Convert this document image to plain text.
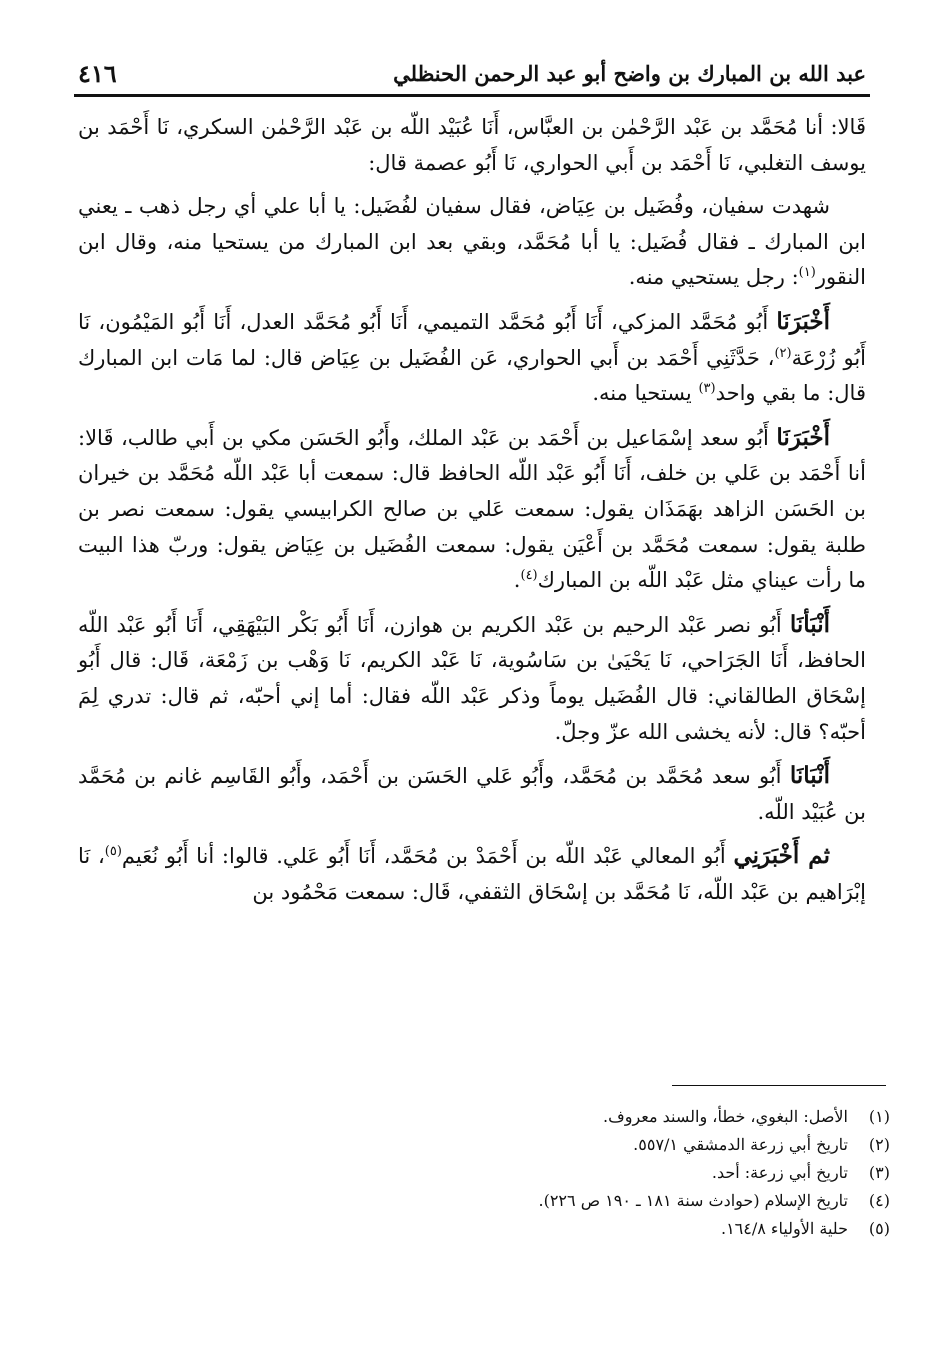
٤١٦	عبد الله بن المبارك بن واضح أبو عبد الرحمن الحنظلي

قَالا: أنا مُحَمَّد بن عَبْد الرَّحْمٰن بن العبَّاس، أَنَا عُبَيْد اللّه بن عَبْد الرَّحْمٰن السكري، نَا أَحْمَد بن يوسف التغلبي، نَا أَحْمَد بن أَبي الحواري، نَا أَبُو عصمة قال:

شهدت سفيان، وفُضَيل بن عِيَاض، فقال سفيان لفُضَيل: يا أبا علي أي رجل ذهب ـ يعني ابن المبارك ـ فقال فُضَيل: يا أبا مُحَمَّد، وبقي بعد ابن المبارك من يستحيا منه، وقال ابن النقور$^{(١)}$: رجل يستحيي منه.

أَخْبَرَنَا أَبُو مُحَمَّد المزكي، أَنَا أَبُو مُحَمَّد التميمي، أَنَا أَبُو مُحَمَّد العدل، أَنَا أَبُو المَيْمُون، نَا أَبُو زُرْعَة$^{(٢)}$، حَدَّثَنِي أَحْمَد بن أَبي الحواري، عَن الفُضَيل بن عِيَاض قال: لما مَات ابن المبارك قال: ما بقي واحد$^{(٣)}$ يستحيا منه.

أَخْبَرَنَا أَبُو سعد إسْمَاعيل بن أَحْمَد بن عَبْد الملك، وأَبُو الحَسَن مكي بن أَبي طالب، قَالا: أنا أَحْمَد بن عَلي بن خلف، أَنَا أَبُو عَبْد اللّه الحافظ قال: سمعت أبا عَبْد اللّه مُحَمَّد بن خيران بن الحَسَن الزاهد بهَمَذَان يقول: سمعت عَلي بن صالح الكرابيسي يقول: سمعت نصر بن طلبة يقول: سمعت مُحَمَّد بن أَعْيَن يقول: سمعت الفُضَيل بن عِيَاض يقول: وربّ هذا البيت ما رأت عيناي مثل عَبْد اللّه بن المبارك$^{(٤)}$.

أَنْبَأنَا أَبُو نصر عَبْد الرحيم بن عَبْد الكريم بن هوازن، أَنَا أَبُو بَكْر البَيْهَقِي، أَنَا أَبُو عَبْد اللّه الحافظ، أَنَا الجَرَاحي، نَا يَحْيَىٰ بن سَاسُوية، نَا عَبْد الكريم، نَا وَهْب بن زَمْعَة، قَال: قال أَبُو إسْحَاق الطالقاني: قال الفُضَيل يوماً وذكر عَبْد اللّه فقال: أما إني أحبّه، ثم قال: تدري لِمَ أحبّه؟ قال: لأنه يخشى الله عزّ وجلّ.

أَنْبَانَا أَبُو سعد مُحَمَّد بن مُحَمَّد، وأَبُو عَلي الحَسَن بن أَحْمَد، وأَبُو القَاسِم غانم بن مُحَمَّد بن عُبَيْد اللّه.

ثم أَخْبَرَنِي أَبُو المعالي عَبْد اللّه بن أَحْمَدْ بن مُحَمَّد، أَنَا أَبُو عَلي. قالوا: أنا أَبُو نُعَيم$^{(٥)}$، نَا إبْرَاهيم بن عَبْد اللّه، نَا مُحَمَّد بن إسْحَاق الثقفي، قَال: سمعت مَحْمُود بن

(١)
الأصل: البغوي، خطأ، والسند معروف.
(٢)
تاريخ أبي زرعة الدمشقي ٥٥٧/١.
(٣)
تاريخ أبي زرعة: أحد.
(٤)
تاريخ الإسلام (حوادث سنة ١٨١ ـ ١٩٠ ص ٢٢٦).
(٥)
حلية الأولياء ١٦٤/٨.
